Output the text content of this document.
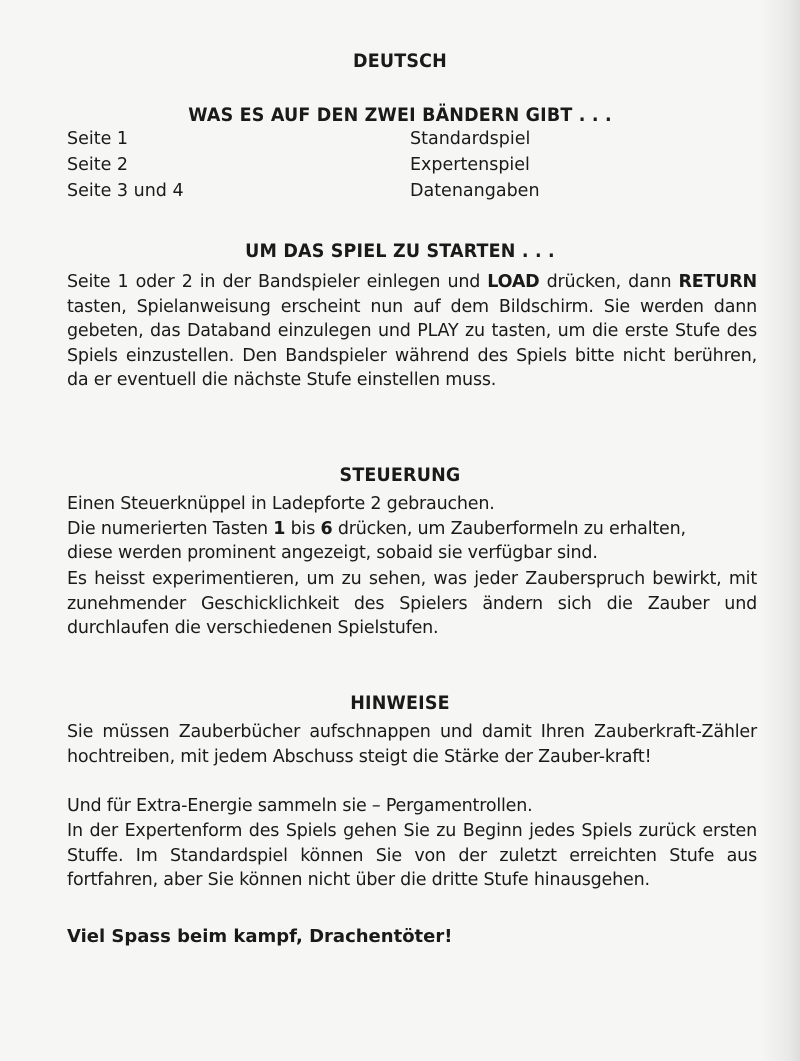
DEUTSCH
WAS ES AUF DEN ZWEI BÄNDERN GIBT . . .
Seite 1
Seite 2
Seite 3 und 4
Standardspiel
Expertenspiel
Datenangaben
UM DAS SPIEL ZU STARTEN . . .
Seite 1 oder 2 in der Bandspieler einlegen und LOAD drücken, dann RETURN tasten, Spielanweisung erscheint nun auf dem Bildschirm. Sie werden dann gebeten, das Databand einzulegen und PLAY zu tasten, um die erste Stufe des Spiels einzustellen. Den Bandspieler während des Spiels bitte nicht berühren, da er eventuell die nächste Stufe einstellen muss.
STEUERUNG
Einen Steuerknüppel in Ladepforte 2 gebrauchen.
Die numerierten Tasten 1 bis 6 drücken, um Zauberformeln zu erhalten,
diese werden prominent angezeigt, sobaid sie verfügbar sind.
Es heisst experimentieren, um zu sehen, was jeder Zauberspruch bewirkt, mit zunehmender Geschicklichkeit des Spielers ändern sich die Zauber und durchlaufen die verschiedenen Spielstufen.
HINWEISE
Sie müssen Zauberbücher aufschnappen und damit Ihren Zauberkraft-Zähler hochtreiben, mit jedem Abschuss steigt die Stärke der Zauber-kraft!
Und für Extra-Energie sammeln sie – Pergamentrollen.
In der Expertenform des Spiels gehen Sie zu Beginn jedes Spiels zurück ersten Stuffe. Im Standardspiel können Sie von der zuletzt erreichten Stufe aus fortfahren, aber Sie können nicht über die dritte Stufe hinausgehen.
Viel Spass beim kampf, Drachentöter!
